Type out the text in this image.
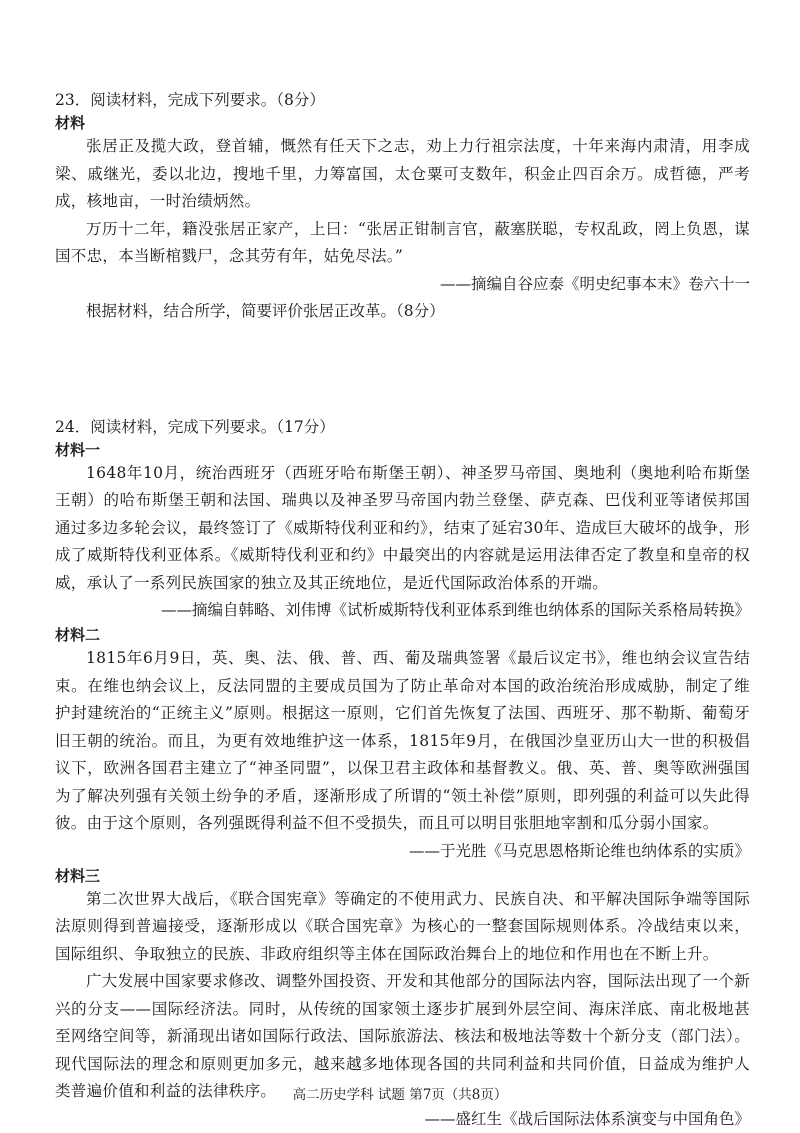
23．阅读材料，完成下列要求。（8分）

材料

张居正及揽大政，登首辅，慨然有任天下之志，劝上力行祖宗法度，十年来海内肃清，用李成梁、戚继光，委以北边，搜地千里，力筹富国，太仓粟可支数年，积金止四百余万。成哲德，严考成，核地亩，一时治绩炳然。

万历十二年，籍没张居正家产，上曰：“张居正钳制言官，蔽塞朕聪，专权乱政，罔上负恩，谋国不忠，本当断棺戮尸，念其劳有年，姑免尽法。”

——摘编自谷应泰《明史纪事本末》卷六十一

根据材料，结合所学，简要评价张居正改革。（8分）

24．阅读材料，完成下列要求。（17分）

材料一

1648年10月，统治西班牙（西班牙哈布斯堡王朝）、神圣罗马帝国、奥地利（奥地利哈布斯堡王朝）的哈布斯堡王朝和法国、瑞典以及神圣罗马帝国内勃兰登堡、萨克森、巴伐利亚等诸侯邦国通过多边多轮会议，最终签订了《威斯特伐利亚和约》，结束了延宕30年、造成巨大破坏的战争，形成了威斯特伐利亚体系。《威斯特伐利亚和约》中最突出的内容就是运用法律否定了教皇和皇帝的权威，承认了一系列民族国家的独立及其正统地位，是近代国际政治体系的开端。

——摘编自韩略、刘伟博《试析威斯特伐利亚体系到维也纳体系的国际关系格局转换》

材料二

1815年6月9日，英、奥、法、俄、普、西、葡及瑞典签署《最后议定书》，维也纳会议宣告结束。在维也纳会议上，反法同盟的主要成员国为了防止革命对本国的政治统治形成威胁，制定了维护封建统治的“正统主义”原则。根据这一原则，它们首先恢复了法国、西班牙、那不勒斯、葡萄牙旧王朝的统治。而且，为更有效地维护这一体系，1815年9月，在俄国沙皇亚历山大一世的积极倡议下，欧洲各国君主建立了“神圣同盟”，以保卫君主政体和基督教义。俄、英、普、奥等欧洲强国为了解决列强有关领土纷争的矛盾，逐渐形成了所谓的“领土补偿”原则，即列强的利益可以失此得彼。由于这个原则，各列强既得利益不但不受损失，而且可以明目张胆地宰割和瓜分弱小国家。

——于光胜《马克思恩格斯论维也纳体系的实质》

材料三

第二次世界大战后，《联合国宪章》等确定的不使用武力、民族自决、和平解决国际争端等国际法原则得到普遍接受，逐渐形成以《联合国宪章》为核心的一整套国际规则体系。冷战结束以来，国际组织、争取独立的民族、非政府组织等主体在国际政治舞台上的地位和作用也在不断上升。

广大发展中国家要求修改、调整外国投资、开发和其他部分的国际法内容，国际法出现了一个新兴的分支——国际经济法。同时，从传统的国家领土逐步扩展到外层空间、海床洋底、南北极地甚至网络空间等，新涌现出诸如国际行政法、国际旅游法、核法和极地法等数十个新分支（部门法）。现代国际法的理念和原则更加多元，越来越多地体现各国的共同利益和共同价值，日益成为维护人类普遍价值和利益的法律秩序。

——盛红生《战后国际法体系演变与中国角色》

高二历史学科 试题 第7页（共8页）
